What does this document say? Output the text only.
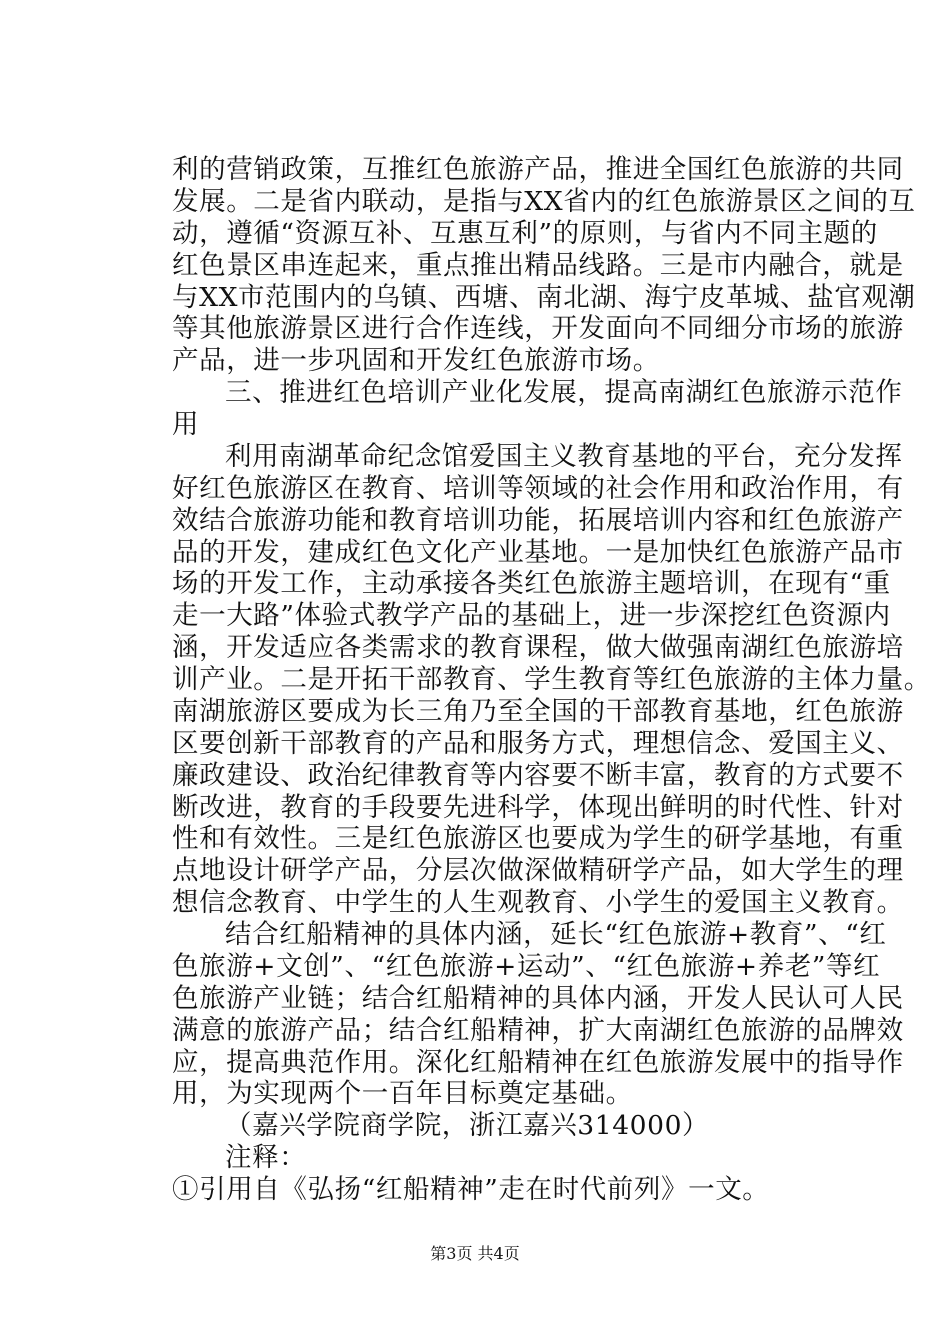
利的营销政策，互推红色旅游产品，推进全国红色旅游的共同
发展。二是省内联动，是指与XX省内的红色旅游景区之间的互
动，遵循“资源互补、互惠互利”的原则，与省内不同主题的
红色景区串连起来，重点推出精品线路。三是市内融合，就是
与XX市范围内的乌镇、西塘、南北湖、海宁皮革城、盐官观潮
等其他旅游景区进行合作连线，开发面向不同细分市场的旅游
产品，进一步巩固和开发红色旅游市场。
三、推进红色培训产业化发展，提高南湖红色旅游示范作
用
利用南湖革命纪念馆爱国主义教育基地的平台，充分发挥
好红色旅游区在教育、培训等领域的社会作用和政治作用，有
效结合旅游功能和教育培训功能，拓展培训内容和红色旅游产
品的开发，建成红色文化产业基地。一是加快红色旅游产品市
场的开发工作，主动承接各类红色旅游主题培训，在现有“重
走一大路”体验式教学产品的基础上，进一步深挖红色资源内
涵，开发适应各类需求的教育课程，做大做强南湖红色旅游培
训产业。二是开拓干部教育、学生教育等红色旅游的主体力量。
南湖旅游区要成为长三角乃至全国的干部教育基地，红色旅游
区要创新干部教育的产品和服务方式，理想信念、爱国主义、
廉政建设、政治纪律教育等内容要不断丰富，教育的方式要不
断改进，教育的手段要先进科学，体现出鲜明的时代性、针对
性和有效性。三是红色旅游区也要成为学生的研学基地，有重
点地设计研学产品，分层次做深做精研学产品，如大学生的理
想信念教育、中学生的人生观教育、小学生的爱国主义教育。
结合红船精神的具体内涵，延长“红色旅游+教育”、“红
色旅游+文创”、“红色旅游+运动”、“红色旅游+养老”等红
色旅游产业链；结合红船精神的具体内涵，开发人民认可人民
满意的旅游产品；结合红船精神，扩大南湖红色旅游的品牌效
应，提高典范作用。深化红船精神在红色旅游发展中的指导作
用，为实现两个一百年目标奠定基础。
（嘉兴学院商学院，浙江嘉兴314000）
注释：
①引用自《弘扬“红船精神”走在时代前列》一文。
第3页 共4页
